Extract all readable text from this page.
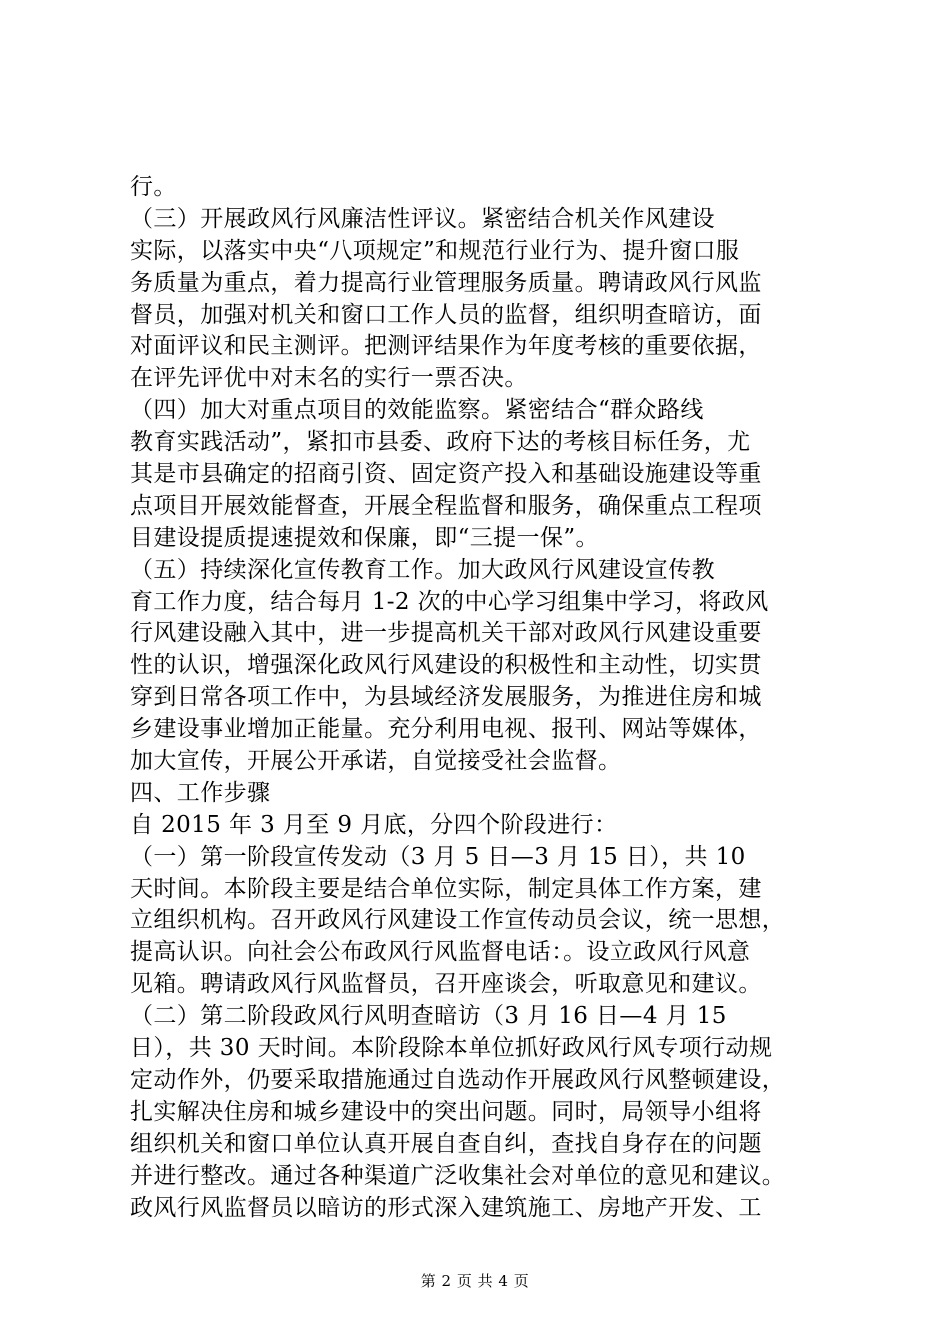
行。
（三）开展政风行风廉洁性评议。紧密结合机关作风建设
实际，以落实中央“八项规定”和规范行业行为、提升窗口服
务质量为重点，着力提高行业管理服务质量。聘请政风行风监
督员，加强对机关和窗口工作人员的监督，组织明查暗访，面
对面评议和民主测评。把测评结果作为年度考核的重要依据，
在评先评优中对末名的实行一票否决。
（四）加大对重点项目的效能监察。紧密结合“群众路线
教育实践活动”，紧扣市县委、政府下达的考核目标任务，尤
其是市县确定的招商引资、固定资产投入和基础设施建设等重
点项目开展效能督查，开展全程监督和服务，确保重点工程项
目建设提质提速提效和保廉，即“三提一保”。
（五）持续深化宣传教育工作。加大政风行风建设宣传教
育工作力度，结合每月 1-2 次的中心学习组集中学习，将政风
行风建设融入其中，进一步提高机关干部对政风行风建设重要
性的认识，增强深化政风行风建设的积极性和主动性，切实贯
穿到日常各项工作中，为县域经济发展服务，为推进住房和城
乡建设事业增加正能量。充分利用电视、报刊、网站等媒体，
加大宣传，开展公开承诺，自觉接受社会监督。
四、工作步骤
自 2015 年 3 月至 9 月底，分四个阶段进行：
（一）第一阶段宣传发动（3 月 5 日—3 月 15 日），共 10
天时间。本阶段主要是结合单位实际，制定具体工作方案，建
立组织机构。召开政风行风建设工作宣传动员会议，统一思想，
提高认识。向社会公布政风行风监督电话：。设立政风行风意
见箱。聘请政风行风监督员，召开座谈会，听取意见和建议。
（二）第二阶段政风行风明查暗访（3 月 16 日—4 月 15
日），共 30 天时间。本阶段除本单位抓好政风行风专项行动规
定动作外，仍要采取措施通过自选动作开展政风行风整顿建设，
扎实解决住房和城乡建设中的突出问题。同时，局领导小组将
组织机关和窗口单位认真开展自查自纠，查找自身存在的问题
并进行整改。通过各种渠道广泛收集社会对单位的意见和建议。
政风行风监督员以暗访的形式深入建筑施工、房地产开发、工
第 2 页 共 4 页
